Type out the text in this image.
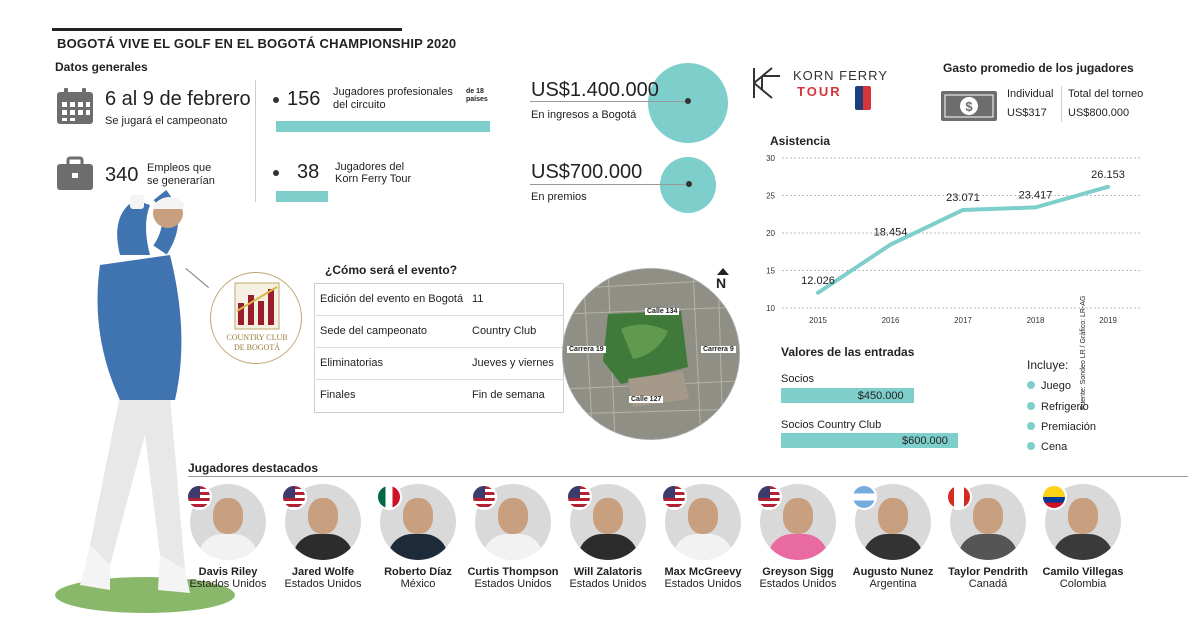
BOGOTÁ VIVE EL GOLF EN EL BOGOTÁ CHAMPIONSHIP 2020
Datos generales
6 al 9 de febrero
Se jugará el campeonato
340 Empleos que
se generarían
156 Jugadores profesionales
del circuito
de 18
países
38 Jugadores del
Korn Ferry Tour
US$1.400.000
En ingresos a Bogotá
US$700.000
En premios
KORN FERRY
TOUR
Gasto promedio de los jugadores
$
Individual
US$317
Total del torneo
US$800.000
Asistencia
10
15
20
25
30
2015	2016	2017	2018	2019
12.026
18.454
23.071	23.417
26.153
Valores de las entradas
Socios
$450.000
Socios Country Club
$600.000
Incluye:
Juego
Refrigerio
Premiación
Cena
Fuente: Sondeo LR / Gráfico: LR-AG
COUNTRY CLUB
DE BOGOTÁ
¿Cómo será el evento?
Edición del evento en Bogotá 11
Sede del campeonato	Country Club
Eliminatorias	Jueves y viernes
Finales	Fin de semana
Calle 134
Carrera 19	Carrera 9
Calle 127
N
Jugadores destacados
Davis Riley
Estados Unidos
Jared Wolfe
Estados Unidos
Roberto Díaz
México
Curtis Thompson
Estados Unidos
Will Zalatoris
Estados Unidos
Max McGreevy
Estados Unidos
Greyson Sigg
Estados Unidos
Augusto Nunez
Argentina
Taylor Pendrith
Canadá
Camilo Villegas
Colombia
